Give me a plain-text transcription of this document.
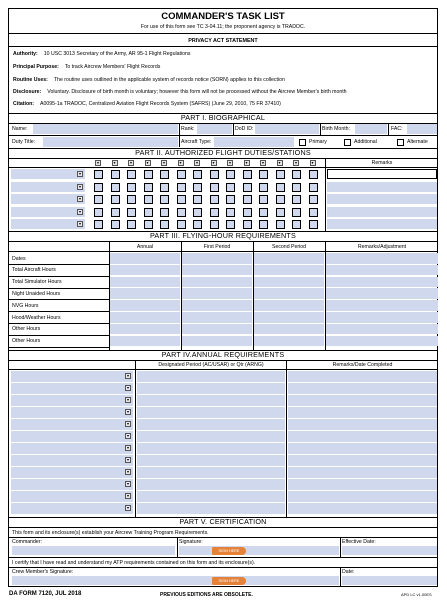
COMMANDER'S TASK LIST
For use of this form see TC 3-04.11; the proponent agency is TRADOC.
PRIVACY ACT STATEMENT
Authority: 10 USC 3013 Secretary of the Army, AR 95-1 Flight Regulations
Principal Purpose: To track Aircrew Members' Flight Records
Routine Uses: The routine uses outlined in the applicable system of records notice (SORN) applies to this collection
Disclosure: Voluntary. Disclosure of birth month is voluntary; however this form will not be processed without the Aircrew Member's birth month
Citation: A0095-1a TRADOC, Centralized Aviation Flight Records System (SAFRS) (June 29, 2010, 75 FR 37410)
PART I. BIOGRAPHICAL
Name:	Rank:	DoD ID:	Birth Month:	FAC:
Duty Title:	Aircraft Type:	Primary	Additional	Alternate
PART II. AUTHORIZED FLIGHT DUTIES/STATIONS
▾	▾	▾	▾	▾	▾	▾	▾	▾	▾	▾	▾	▾	▾
▾
▾
▾
▾
▾
Remarks
PART III. FLYING-HOUR REQUIREMENTS
Annual	First Period	Second Period	Remarks/Adjustment
Dates
Total Aircraft Hours
Total Simulator Hours
Night Unaided Hours
NVG Hours
Hood/Weather Hours
Other Hours
Other Hours
PART IV.ANNUAL REQUIREMENTS
Designated Period (AC/USAR) or Qtr (ARNG)	Remarks/Date Completed
▾
▾
▾
▾
▾
▾
▾
▾
▾
▾
▾
▾
PART V. CERTIFICATION
This form and its enclosure(s) establish your Aircrew Training Program Requirements.
Commander:	Signature:
SIGN HERE
Effective Date:
I certify that I have read and understand my ATP requirements contained on this form and its enclosure(s).
Crew Member's Signature:
SIGN HERE
Date:
DA FORM 7120, JUL 2018	PREVIOUS EDITIONS ARE OBSOLETE.	APD LC v1.00ES
